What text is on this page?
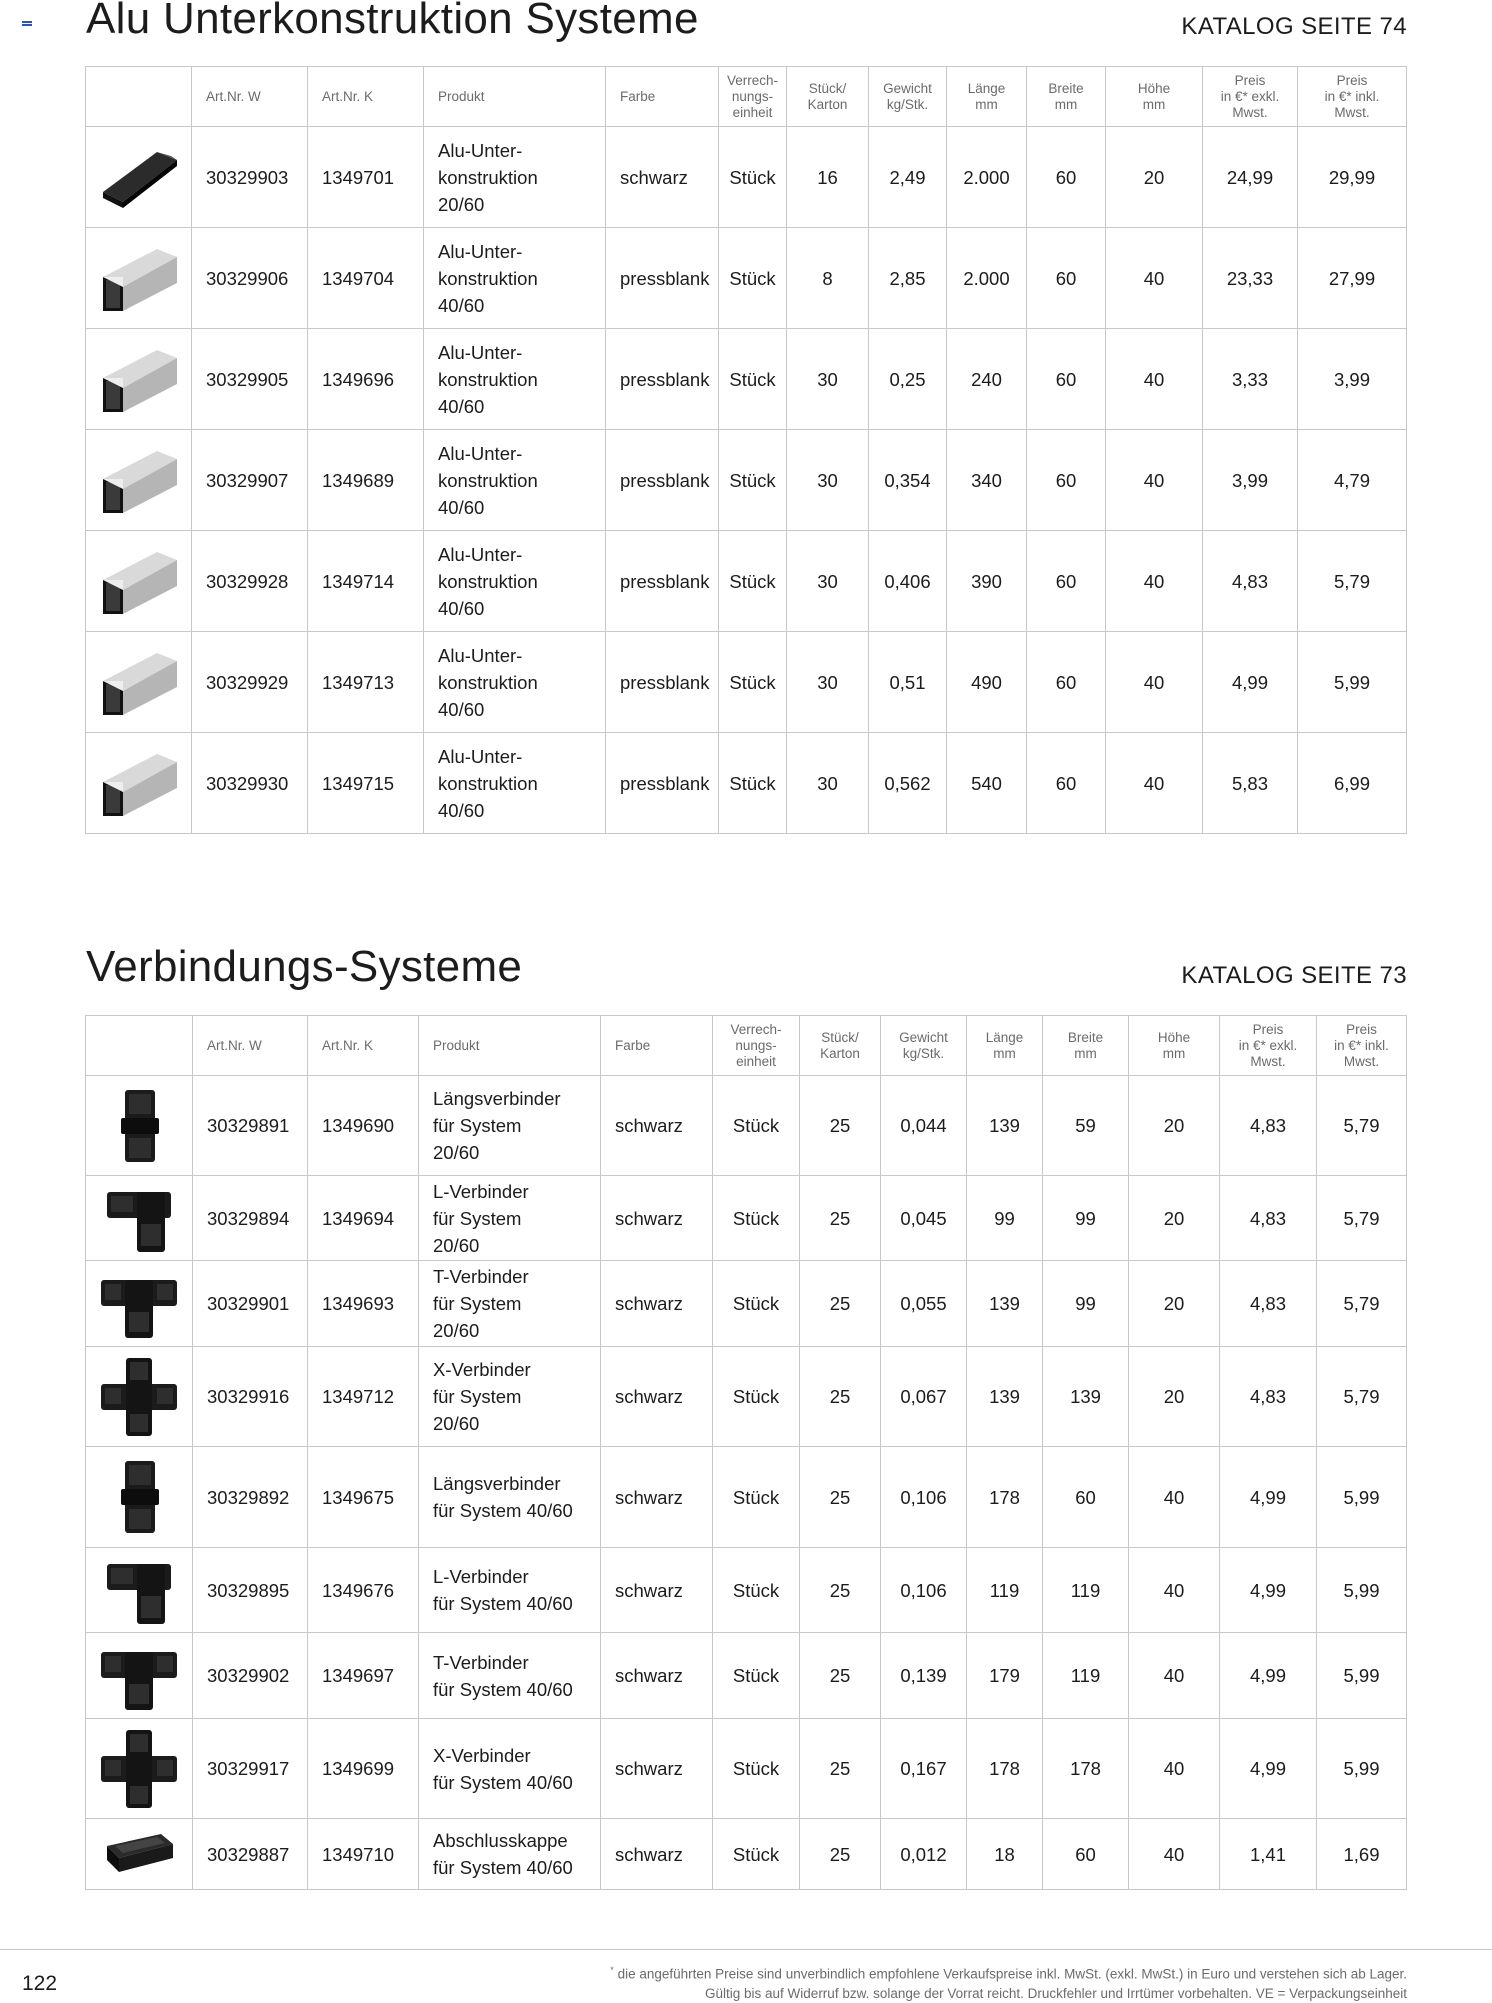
Alu Unterkonstruktion Systeme	KATALOG SEITE 74
	Art.Nr. W	Art.Nr. K	Produkt	Farbe	Verrech-
nungs-
einheit	Stück/
Karton	Gewicht
kg/Stk.	Länge
mm	Breite
mm	Höhe
mm	Preis
in €* exkl.
Mwst.	Preis
in €* inkl.
Mwst.

	30329903	1349701	Alu-Unter-
konstruktion
20/60	schwarz	Stück	16	2,49	2.000	60	20	24,99	29,99

	30329906	1349704	Alu-Unter-
konstruktion
40/60	pressblank	Stück	8	2,85	2.000	60	40	23,33	27,99

	30329905	1349696	Alu-Unter-
konstruktion
40/60	pressblank	Stück	30	0,25	240	60	40	3,33	3,99

	30329907	1349689	Alu-Unter-
konstruktion
40/60	pressblank	Stück	30	0,354	340	60	40	3,99	4,79

	30329928	1349714	Alu-Unter-
konstruktion
40/60	pressblank	Stück	30	0,406	390	60	40	4,83	5,79

	30329929	1349713	Alu-Unter-
konstruktion
40/60	pressblank	Stück	30	0,51	490	60	40	4,99	5,99

	30329930	1349715	Alu-Unter-
konstruktion
40/60	pressblank	Stück	30	0,562	540	60	40	5,83	6,99
Verbindungs-Systeme	KATALOG SEITE 73
	Art.Nr. W	Art.Nr. K	Produkt	Farbe	Verrech-
nungs-
einheit	Stück/
Karton	Gewicht
kg/Stk.	Länge
mm	Breite
mm	Höhe
mm	Preis
in €* exkl.
Mwst.	Preis
in €* inkl.
Mwst.

	30329891	1349690	Längsverbinder
für System
20/60	schwarz	Stück	25	0,044	139	59	20	4,83	5,79

	30329894	1349694	L-Verbinder
für System
20/60	schwarz	Stück	25	0,045	99	99	20	4,83	5,79

	30329901	1349693	T-Verbinder
für System
20/60	schwarz	Stück	25	0,055	139	99	20	4,83	5,79

	30329916	1349712	X-Verbinder
für System
20/60	schwarz	Stück	25	0,067	139	139	20	4,83	5,79

	30329892	1349675	Längsverbinder
für System 40/60	schwarz	Stück	25	0,106	178	60	40	4,99	5,99

	30329895	1349676	L-Verbinder
für System 40/60	schwarz	Stück	25	0,106	119	119	40	4,99	5,99

	30329902	1349697	T-Verbinder
für System 40/60	schwarz	Stück	25	0,139	179	119	40	4,99	5,99

	30329917	1349699	X-Verbinder
für System 40/60	schwarz	Stück	25	0,167	178	178	40	4,99	5,99

	30329887	1349710	Abschlusskappe
für System 40/60	schwarz	Stück	25	0,012	18	60	40	1,41	1,69
122
* die angeführten Preise sind unverbindlich empfohlene Verkaufspreise inkl. MwSt. (exkl. MwSt.) in Euro und verstehen sich ab Lager.
Gültig bis auf Widerruf bzw. solange der Vorrat reicht. Druckfehler und Irrtümer vorbehalten. VE = Verpackungseinheit
